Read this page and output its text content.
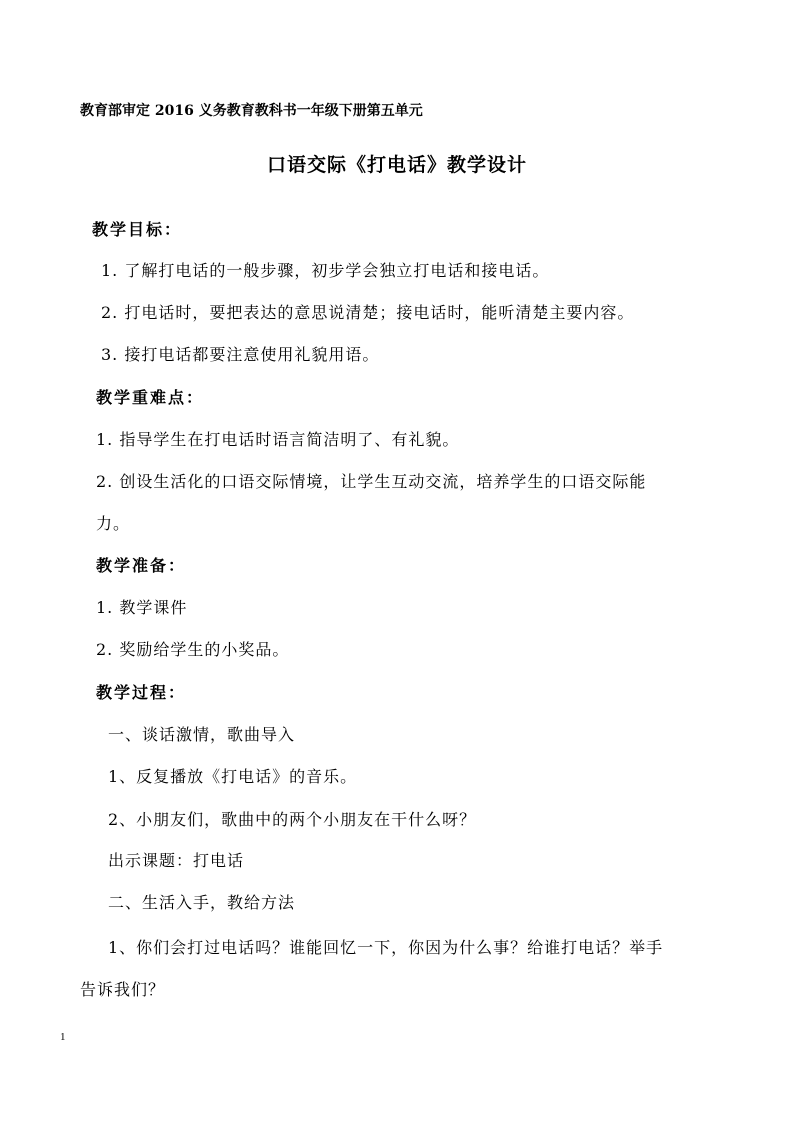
教育部审定 2016 义务教育教科书一年级下册第五单元
口语交际《打电话》教学设计
教学目标：
1. 了解打电话的一般步骤，初步学会独立打电话和接电话。
2. 打电话时，要把表达的意思说清楚；接电话时，能听清楚主要内容。
3. 接打电话都要注意使用礼貌用语。
教学重难点：
1. 指导学生在打电话时语言简洁明了、有礼貌。
2. 创设生活化的口语交际情境，让学生互动交流，培养学生的口语交际能
力。
教学准备：
1. 教学课件
2. 奖励给学生的小奖品。
教学过程：
一、谈话激情，歌曲导入
1、反复播放《打电话》的音乐。
2、小朋友们，歌曲中的两个小朋友在干什么呀？
出示课题：打电话
二、生活入手，教给方法
1、你们会打过电话吗？谁能回忆一下，你因为什么事？给谁打电话？举手
告诉我们？
1
